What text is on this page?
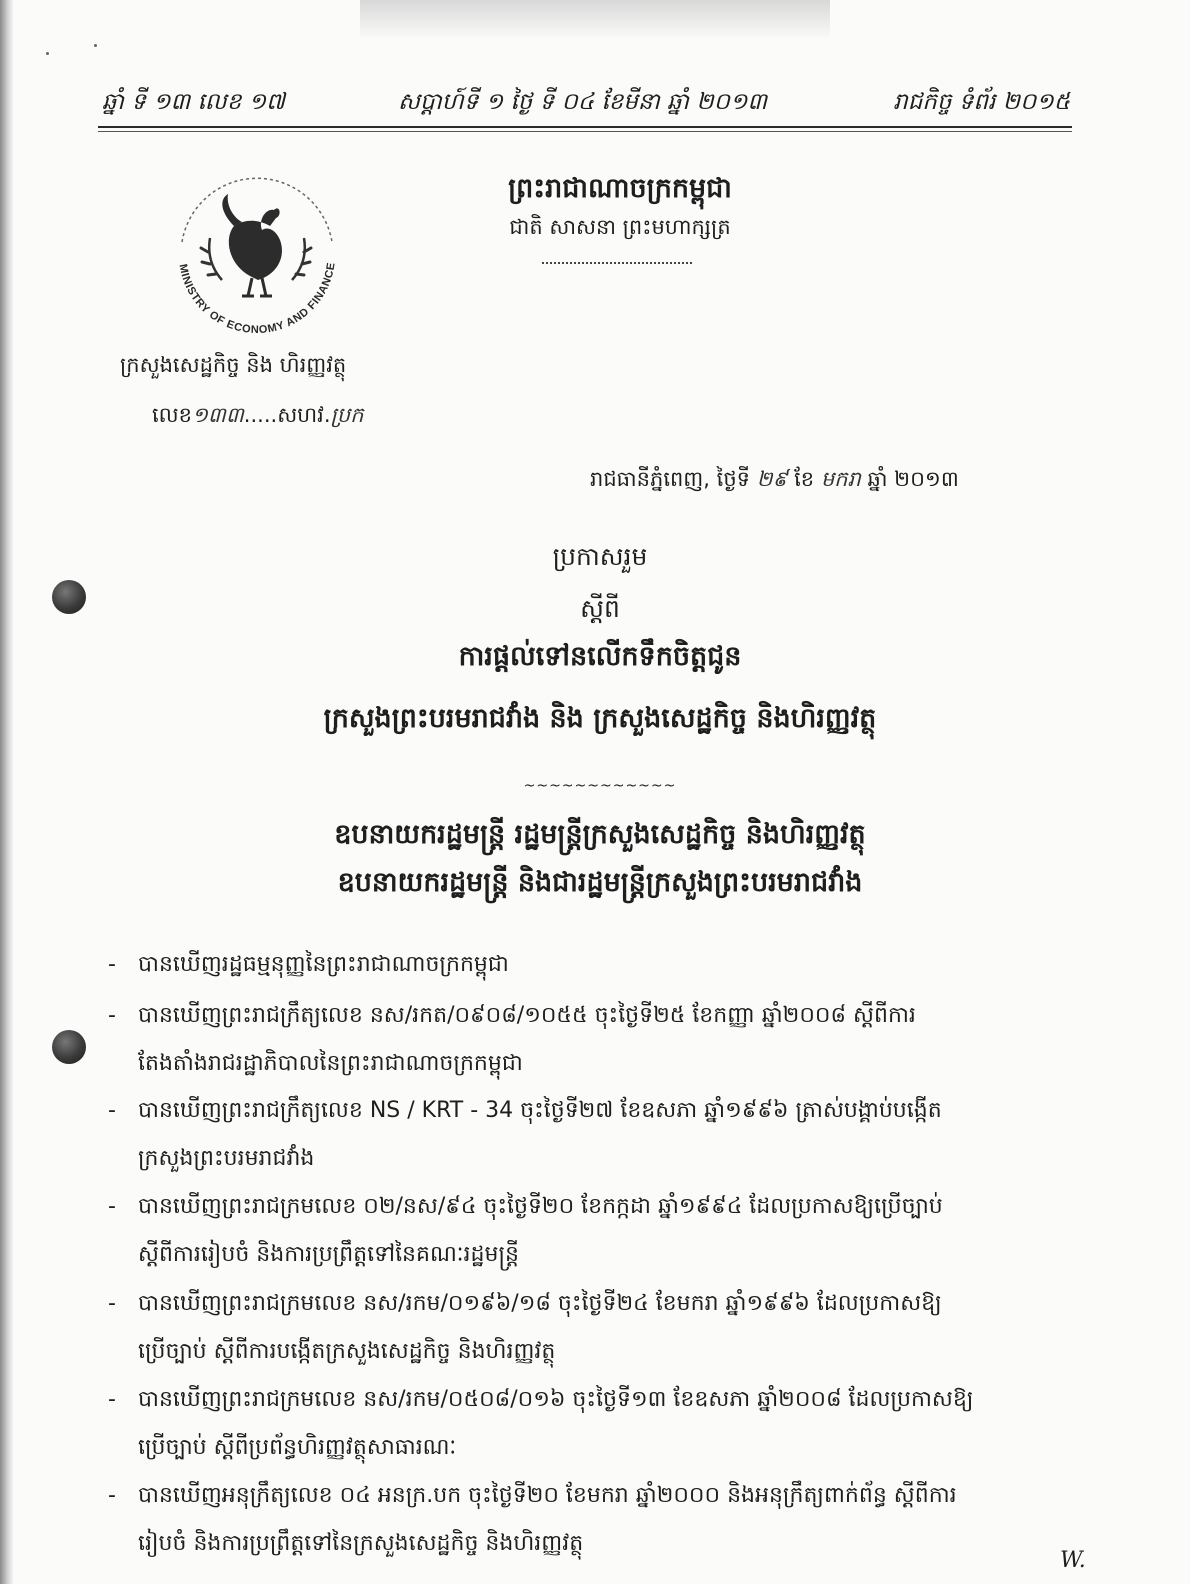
ឆ្នាំ ទី ១៣ លេខ ១៧	សប្តាហ៍ទី ១ ថ្ងៃ ទី ០៤ ខែមីនា ឆ្នាំ ២០១៣	រាជកិច្ច ទំព័រ ២០១៥
MINISTRY OF ECONOMY AND FINANCE
ក្រសួងសេដ្ឋកិច្ច និង ហិរញ្ញវត្ថុ
លេខ១៣៣.....សហវ.ប្រក
ព្រះរាជាណាចក្រកម្ពុជា
ជាតិ សាសនា ព្រះមហាក្សត្រ
រាជធានីភ្នំពេញ, ថ្ងៃទី ២៩ ខែ មករា ឆ្នាំ ២០១៣
ប្រកាសរួម
ស្តីពី
ការផ្តល់ទៅនលើកទឹកចិត្តជូន
ក្រសួងព្រះបរមរាជវាំង និង ក្រសួងសេដ្ឋកិច្ច និងហិរញ្ញវត្ថុ
~~~~~~~~~~~~
ឧបនាយករដ្ឋមន្ត្រី រដ្ឋមន្ត្រីក្រសួងសេដ្ឋកិច្ច និងហិរញ្ញវត្ថុ
ឧបនាយករដ្ឋមន្ត្រី និងជារដ្ឋមន្ត្រីក្រសួងព្រះបរមរាជវាំង
-	បានឃើញរដ្ឋធម្មនុញ្ញនៃព្រះរាជាណាចក្រកម្ពុជា
-	បានឃើញព្រះរាជក្រឹត្យលេខ នស/រកត/០៩០៨/១០៥៥ ចុះថ្ងៃទី២៥ ខែកញ្ញា ឆ្នាំ២០០៨ ស្តីពីការ
តែងតាំងរាជរដ្ឋាភិបាលនៃព្រះរាជាណាចក្រកម្ពុជា
-	បានឃើញព្រះរាជក្រឹត្យលេខ NS / KRT - 34 ចុះថ្ងៃទី២៧ ខែឧសភា ឆ្នាំ១៩៩៦ ត្រាស់បង្គាប់បង្កើត
ក្រសួងព្រះបរមរាជវាំង
-	បានឃើញព្រះរាជក្រមលេខ ០២/នស/៩៤ ចុះថ្ងៃទី២០ ខែកក្កដា ឆ្នាំ១៩៩៤ ដែលប្រកាសឱ្យប្រើច្បាប់
ស្តីពីការរៀបចំ និងការប្រព្រឹត្តទៅនៃគណៈរដ្ឋមន្ត្រី
-	បានឃើញព្រះរាជក្រមលេខ នស/រកម/០១៩៦/១៨ ចុះថ្ងៃទី២៤ ខែមករា ឆ្នាំ១៩៩៦ ដែលប្រកាសឱ្យ
ប្រើច្បាប់ ស្តីពីការបង្កើតក្រសួងសេដ្ឋកិច្ច និងហិរញ្ញវត្ថុ
-	បានឃើញព្រះរាជក្រមលេខ នស/រកម/០៥០៨/០១៦ ចុះថ្ងៃទី១៣ ខែឧសភា ឆ្នាំ២០០៨ ដែលប្រកាសឱ្យ
ប្រើច្បាប់ ស្តីពីប្រព័ន្ធហិរញ្ញវត្ថុសាធារណៈ
-	បានឃើញអនុក្រឹត្យលេខ ០៤ អនក្រ.បក ចុះថ្ងៃទី២០ ខែមករា ឆ្នាំ២០០០ និងអនុក្រឹត្យពាក់ព័ន្ធ ស្តីពីការ
រៀបចំ និងការប្រព្រឹត្តទៅនៃក្រសួងសេដ្ឋកិច្ច និងហិរញ្ញវត្ថុ
W.
